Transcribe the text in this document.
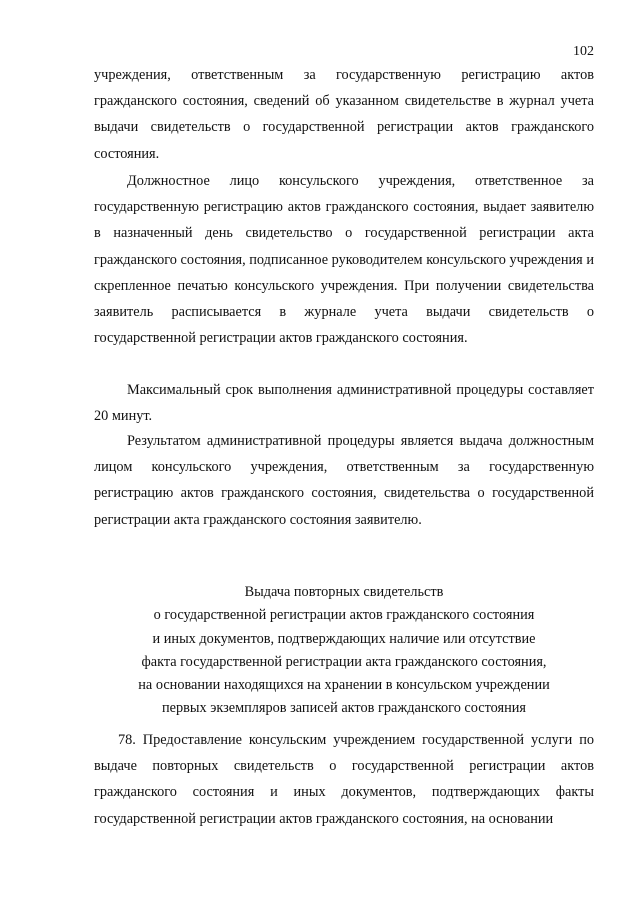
102

учреждения, ответственным за государственную регистрацию актов гражданского состояния, сведений об указанном свидетельстве в журнал учета выдачи свидетельств о государственной регистрации актов гражданского состояния.

Должностное лицо консульского учреждения, ответственное за государственную регистрацию актов гражданского состояния, выдает заявителю в назначенный день свидетельство о государственной регистрации акта гражданского состояния, подписанное руководителем консульского учреждения и скрепленное печатью консульского учреждения. При получении свидетельства заявитель расписывается в журнале учета выдачи свидетельств о государственной регистрации актов гражданского состояния.

Максимальный срок выполнения административной процедуры составляет 20 минут.

Результатом административной процедуры является выдача должностным лицом консульского учреждения, ответственным за государственную регистрацию актов гражданского состояния, свидетельства о государственной регистрации акта гражданского состояния заявителю.

Выдача повторных свидетельств
о государственной регистрации актов гражданского состояния
и иных документов, подтверждающих наличие или отсутствие
факта государственной регистрации акта гражданского состояния,
на основании находящихся на хранении в консульском учреждении
первых экземпляров записей актов гражданского состояния

78. Предоставление консульским учреждением государственной услуги по выдаче повторных свидетельств о государственной регистрации актов гражданского состояния и иных документов, подтверждающих факты государственной регистрации актов гражданского состояния, на основании
